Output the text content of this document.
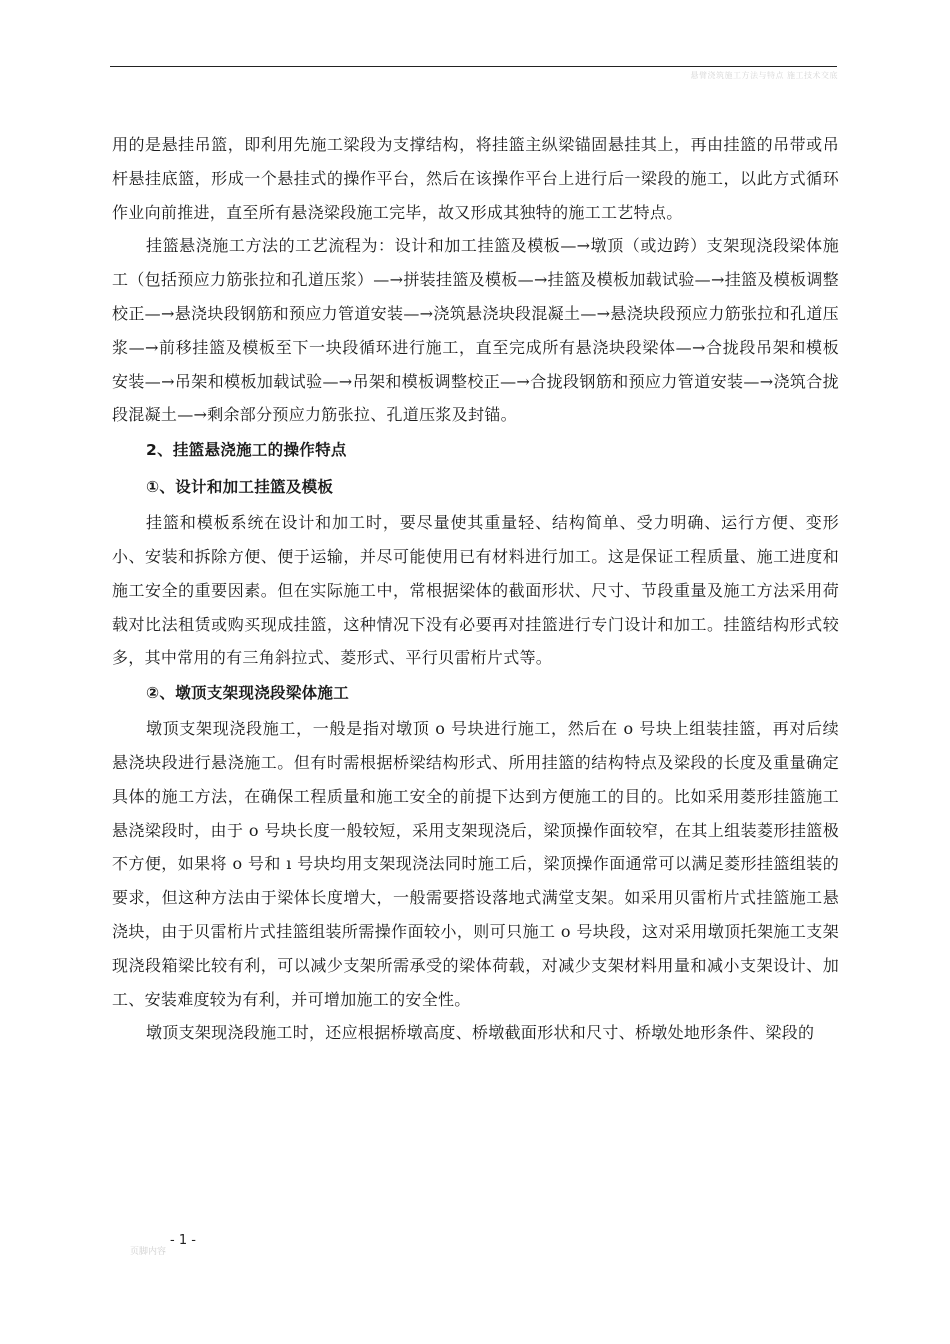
悬臂浇筑施工方法与特点 施工技术交底

用的是悬挂吊篮，即利用先施工梁段为支撑结构，将挂篮主纵梁锚固悬挂其上，再由挂篮的吊带或吊杆悬挂底篮，形成一个悬挂式的操作平台，然后在该操作平台上进行后一梁段的施工，以此方式循环作业向前推进，直至所有悬浇梁段施工完毕，故又形成其独特的施工工艺特点。

挂篮悬浇施工方法的工艺流程为：设计和加工挂篮及模板—→墩顶（或边跨）支架现浇段梁体施工（包括预应力筋张拉和孔道压浆）—→拼装挂篮及模板—→挂篮及模板加载试验—→挂篮及模板调整校正—→悬浇块段钢筋和预应力管道安装—→浇筑悬浇块段混凝土—→悬浇块段预应力筋张拉和孔道压浆—→前移挂篮及模板至下一块段循环进行施工，直至完成所有悬浇块段梁体—→合拢段吊架和模板安装—→吊架和模板加载试验—→吊架和模板调整校正—→合拢段钢筋和预应力管道安装—→浇筑合拢段混凝土—→剩余部分预应力筋张拉、孔道压浆及封锚。

2、挂篮悬浇施工的操作特点

①、设计和加工挂篮及模板

挂篮和模板系统在设计和加工时，要尽量使其重量轻、结构简单、受力明确、运行方便、变形小、安装和拆除方便、便于运输，并尽可能使用已有材料进行加工。这是保证工程质量、施工进度和施工安全的重要因素。但在实际施工中，常根据梁体的截面形状、尺寸、节段重量及施工方法采用荷载对比法租赁或购买现成挂篮，这种情况下没有必要再对挂篮进行专门设计和加工。挂篮结构形式较多，其中常用的有三角斜拉式、菱形式、平行贝雷桁片式等。

②、墩顶支架现浇段梁体施工

墩顶支架现浇段施工，一般是指对墩顶 o 号块进行施工，然后在 o 号块上组装挂篮，再对后续悬浇块段进行悬浇施工。但有时需根据桥梁结构形式、所用挂篮的结构特点及梁段的长度及重量确定具体的施工方法，在确保工程质量和施工安全的前提下达到方便施工的目的。比如采用菱形挂篮施工悬浇梁段时，由于 o 号块长度一般较短，采用支架现浇后，梁顶操作面较窄，在其上组装菱形挂篮极不方便，如果将 o 号和 ı 号块均用支架现浇法同时施工后，梁顶操作面通常可以满足菱形挂篮组装的要求，但这种方法由于梁体长度增大，一般需要搭设落地式满堂支架。如采用贝雷桁片式挂篮施工悬浇块，由于贝雷桁片式挂篮组装所需操作面较小，则可只施工 o 号块段，这对采用墩顶托架施工支架现浇段箱梁比较有利，可以减少支架所需承受的梁体荷载，对减少支架材料用量和减小支架设计、加工、安装难度较为有利，并可增加施工的安全性。

墩顶支架现浇段施工时，还应根据桥墩高度、桥墩截面形状和尺寸、桥墩处地形条件、梁段的

- 1 -
页脚内容
